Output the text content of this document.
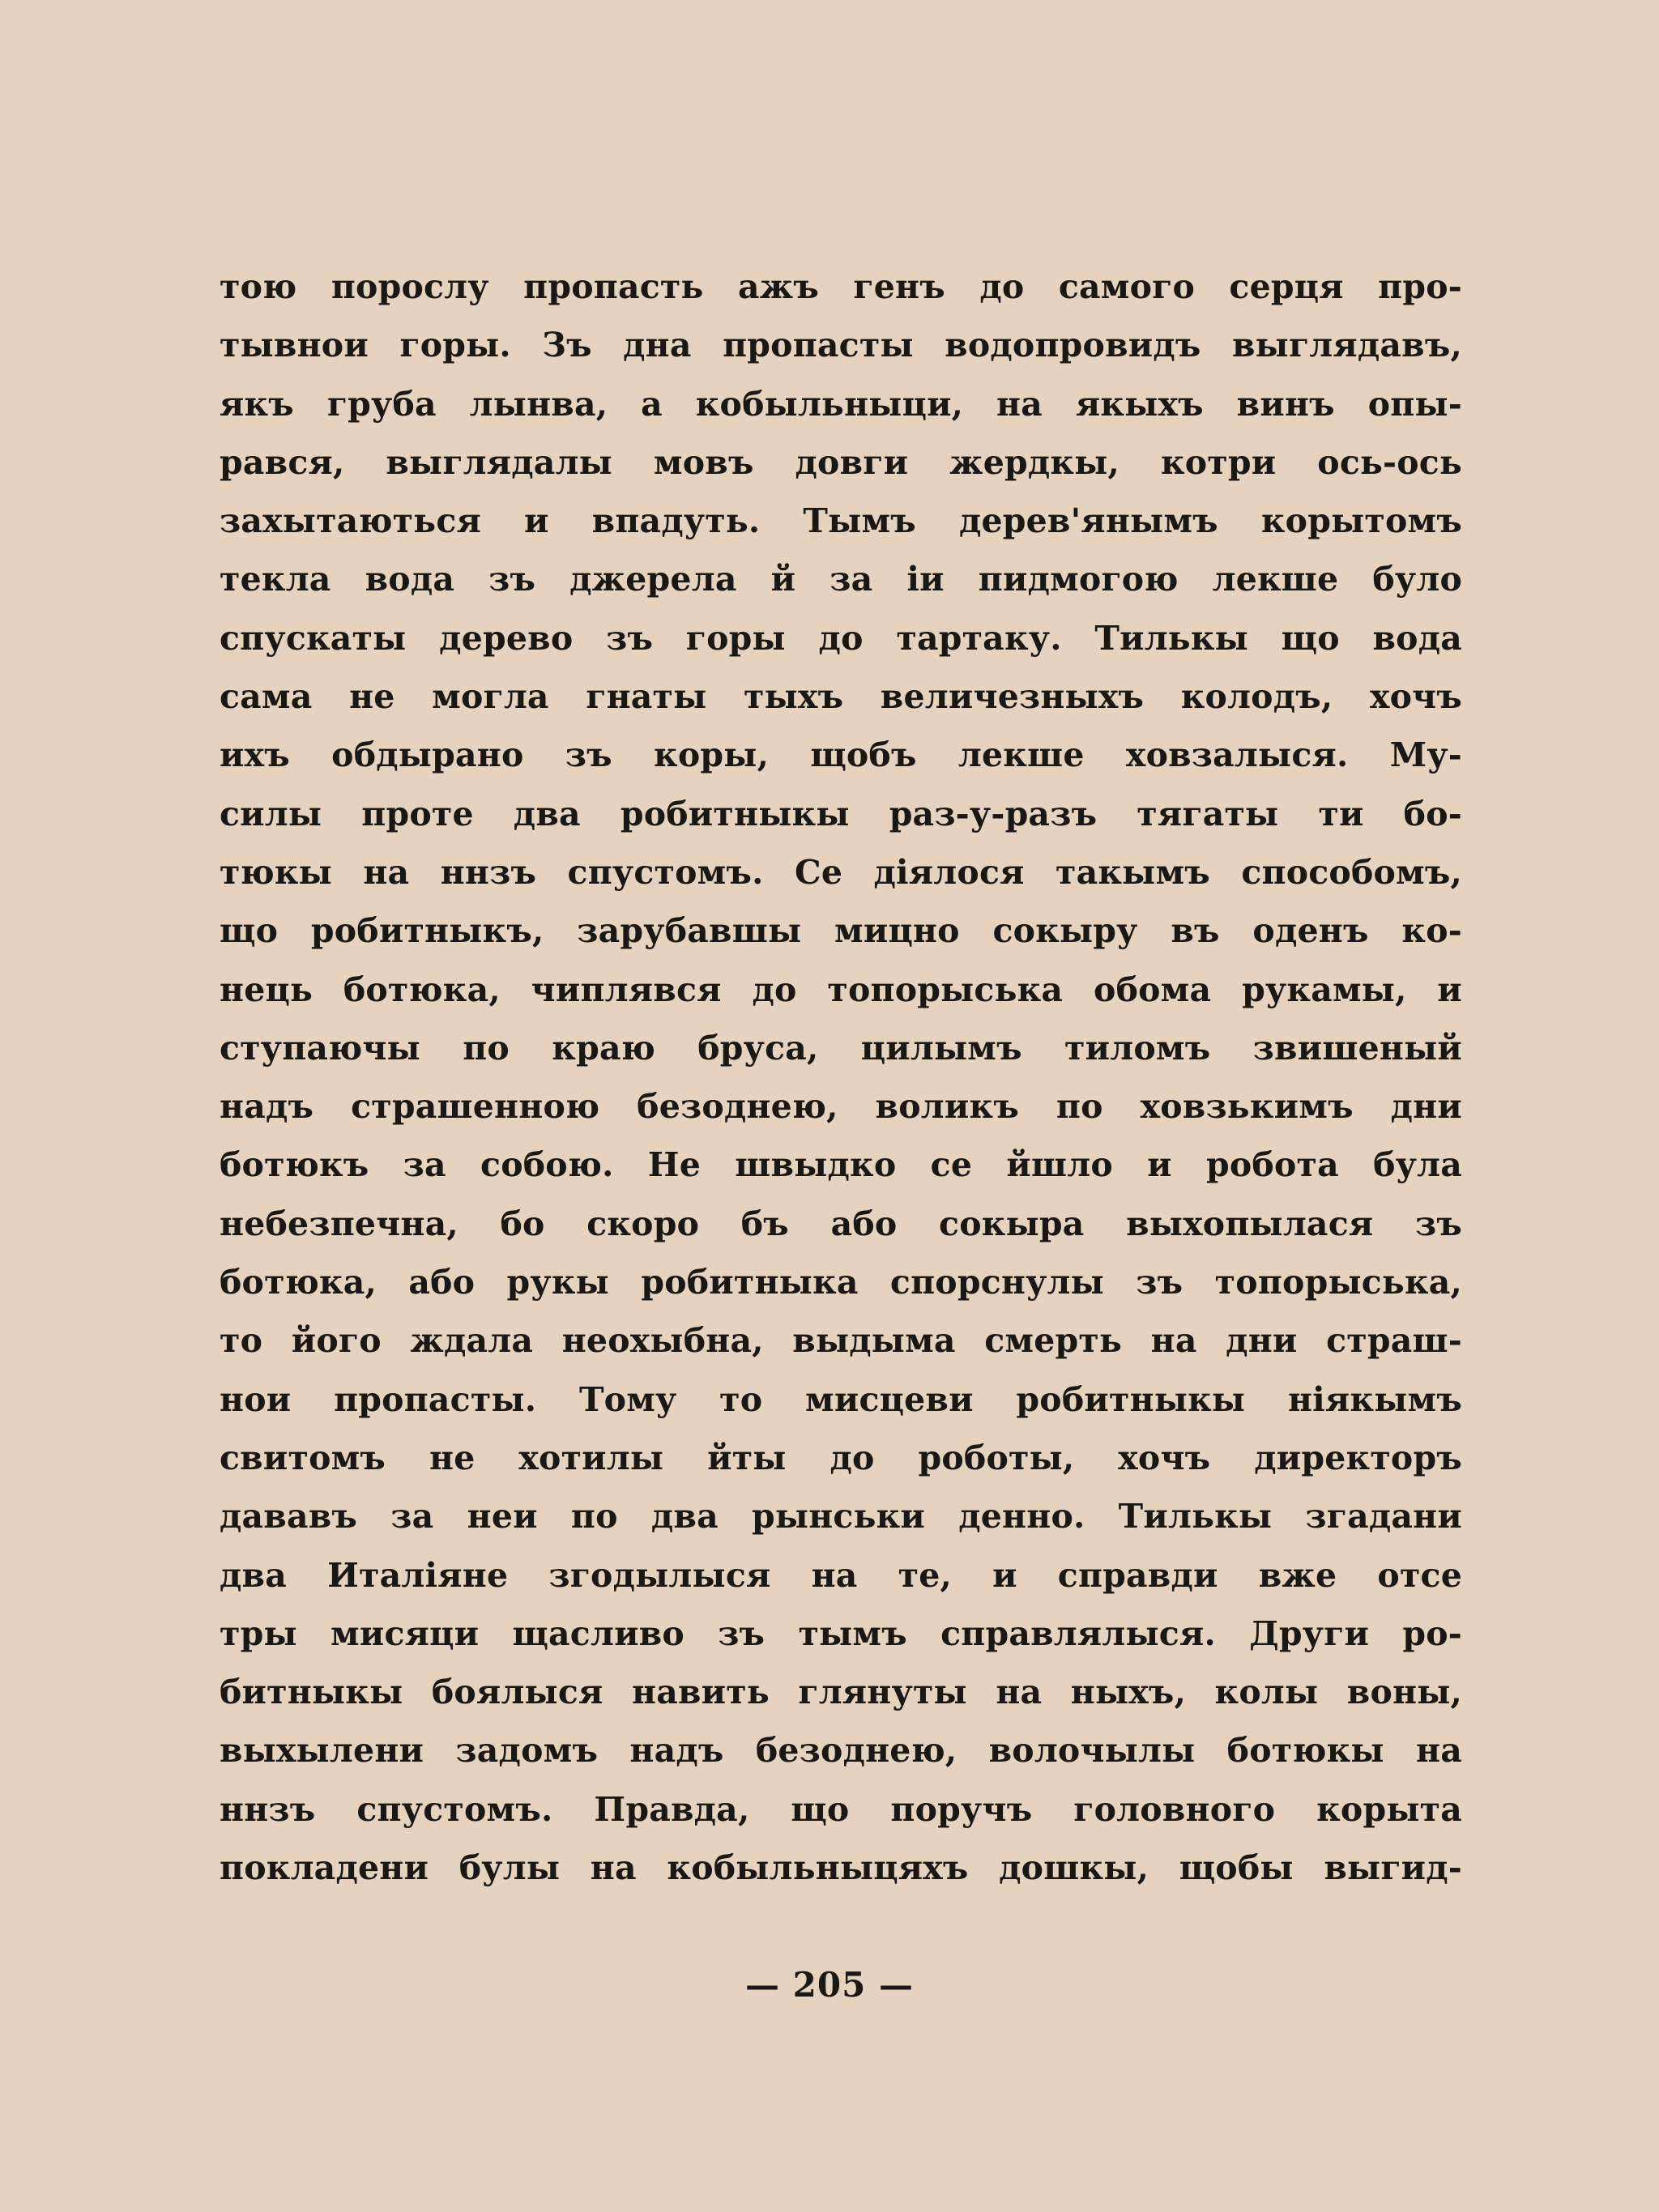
тою порослу пропасть ажъ генъ до самого серця про-
тывнои горы. Зъ дна пропасты водопровидъ выглядавъ,
якъ груба лынва, а кобыльныци, на якыхъ винъ опы-
рався, выглядалы мовъ довги жердкы, котри ось-ось
захытаються и впадуть. Тымъ дерев'янымъ корытомъ
текла вода зъ джерела й за іи пидмогою лекше було
спускаты дерево зъ горы до тартаку. Тилькы що вода
сама не могла гнаты тыхъ величезныхъ колодъ, хочъ
ихъ обдырано зъ коры, щобъ лекше ховзалыся. Му-
силы проте два робитныкы раз-у-разъ тягаты ти бо-
тюкы на ннзъ спустомъ. Се діялося такымъ способомъ,
що робитныкъ, зарубавшы мицно сокыру въ оденъ ко-
нець ботюка, чиплявся до топорыська обома рукамы, и
ступаючы по краю бруса, цилымъ тиломъ звишеный
надъ страшенною безоднею, воликъ по ховзькимъ дни
ботюкъ за собою. Не швыдко се йшло и робота була
небезпечна, бо скоро бъ або сокыра выхопылася зъ
ботюка, або рукы робитныка спорснулы зъ топорыська,
то його ждала неохыбна, выдыма смерть на дни страш-
нои пропасты. Тому то мисцеви робитныкы ніякымъ
свитомъ не хотилы йты до роботы, хочъ директоръ
дававъ за неи по два рынськи денно. Тилькы згадани
два Италіяне згодылыся на те, и справди вже отсе
тры мисяци щасливо зъ тымъ справлялыся. Други ро-
битныкы боялыся навить глянуты на ныхъ, колы воны,
выхылени задомъ надъ безоднею, волочылы ботюкы на
ннзъ спустомъ. Правда, що поручъ головного корыта
покладени булы на кобыльныцяхъ дошкы, щобы выгид-
— 205 —
